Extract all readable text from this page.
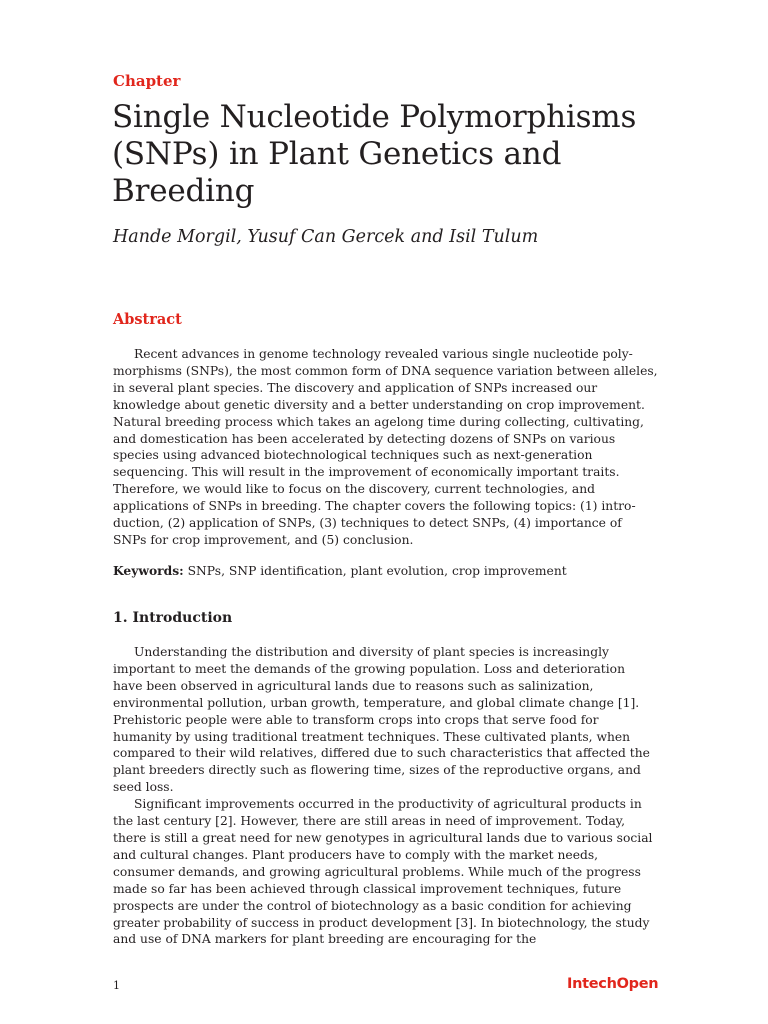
Chapter

Single Nucleotide Polymorphisms (SNPs) in Plant Genetics and Breeding

Hande Morgil, Yusuf Can Gercek and Isil Tulum

Abstract

Recent advances in genome technology revealed various single nucleotide polymorphisms (SNPs), the most common form of DNA sequence variation between alleles, in several plant species. The discovery and application of SNPs increased our knowledge about genetic diversity and a better understanding on crop improvement. Natural breeding process which takes an agelong time during collecting, cultivating, and domestication has been accelerated by detecting dozens of SNPs on various species using advanced biotechnological techniques such as next-generation sequencing. This will result in the improvement of economically important traits. Therefore, we would like to focus on the discovery, current technologies, and applications of SNPs in breeding. The chapter covers the following topics: (1) introduction, (2) application of SNPs, (3) techniques to detect SNPs, (4) importance of SNPs for crop improvement, and (5) conclusion.

Keywords: SNPs, SNP identification, plant evolution, crop improvement

1. Introduction

Understanding the distribution and diversity of plant species is increasingly important to meet the demands of the growing population. Loss and deterioration have been observed in agricultural lands due to reasons such as salinization, environmental pollution, urban growth, temperature, and global climate change [1]. Prehistoric people were able to transform crops into crops that serve food for humanity by using traditional treatment techniques. These cultivated plants, when compared to their wild relatives, differed due to such characteristics that affected the plant breeders directly such as flowering time, sizes of the reproductive organs, and seed loss.

Significant improvements occurred in the productivity of agricultural products in the last century [2]. However, there are still areas in need of improvement. Today, there is still a great need for new genotypes in agricultural lands due to various social and cultural changes. Plant producers have to comply with the market needs, consumer demands, and growing agricultural problems. While much of the progress made so far has been achieved through classical improvement techniques, future prospects are under the control of biotechnology as a basic condition for achieving greater probability of success in product development [3]. In biotechnology, the study and use of DNA markers for plant breeding are encouraging for the

1	IntechOpen
